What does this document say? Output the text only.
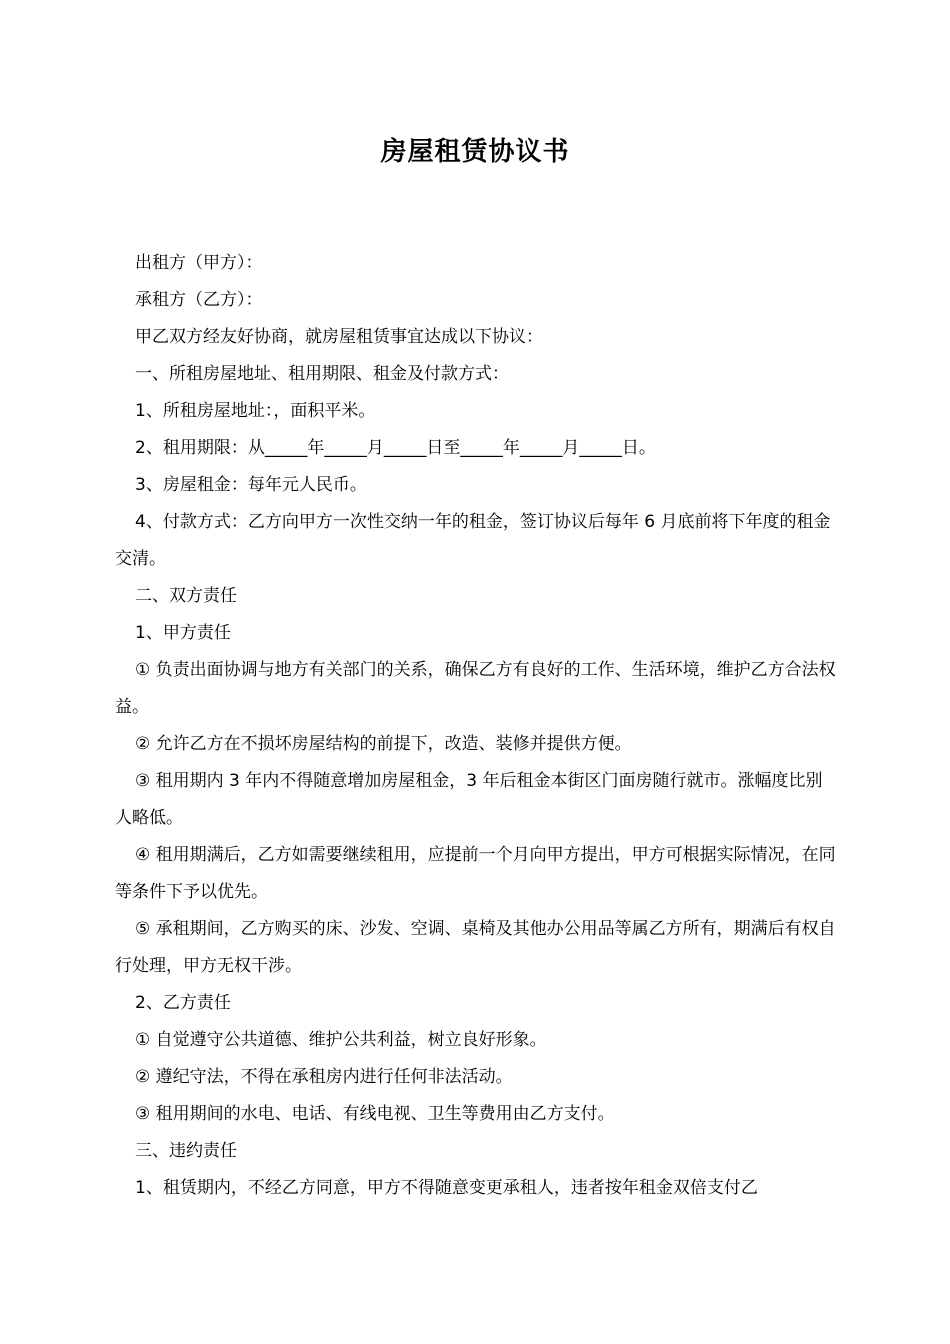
房屋租赁协议书

出租方（甲方）：

承租方（乙方）：

甲乙双方经友好协商，就房屋租赁事宜达成以下协议：

一、所租房屋地址、租用期限、租金及付款方式：

1、所租房屋地址：，面积平米。

2、租用期限：从_____年_____月_____日至_____年_____月_____日。

3、房屋租金：每年元人民币。

4、付款方式：乙方向甲方一次性交纳一年的租金，签订协议后每年 6 月底前将下年度的租金交清。

二、双方责任

1、甲方责任

① 负责出面协调与地方有关部门的关系，确保乙方有良好的工作、生活环境，维护乙方合法权益。

② 允许乙方在不损坏房屋结构的前提下，改造、装修并提供方便。

③ 租用期内 3 年内不得随意增加房屋租金，3 年后租金本街区门面房随行就市。涨幅度比别人略低。

④ 租用期满后，乙方如需要继续租用，应提前一个月向甲方提出，甲方可根据实际情况，在同等条件下予以优先。

⑤ 承租期间，乙方购买的床、沙发、空调、桌椅及其他办公用品等属乙方所有，期满后有权自行处理，甲方无权干涉。

2、乙方责任

① 自觉遵守公共道德、维护公共利益，树立良好形象。

② 遵纪守法，不得在承租房内进行任何非法活动。

③ 租用期间的水电、电话、有线电视、卫生等费用由乙方支付。

三、违约责任

1、租赁期内，不经乙方同意，甲方不得随意变更承租人，违者按年租金双倍支付乙
